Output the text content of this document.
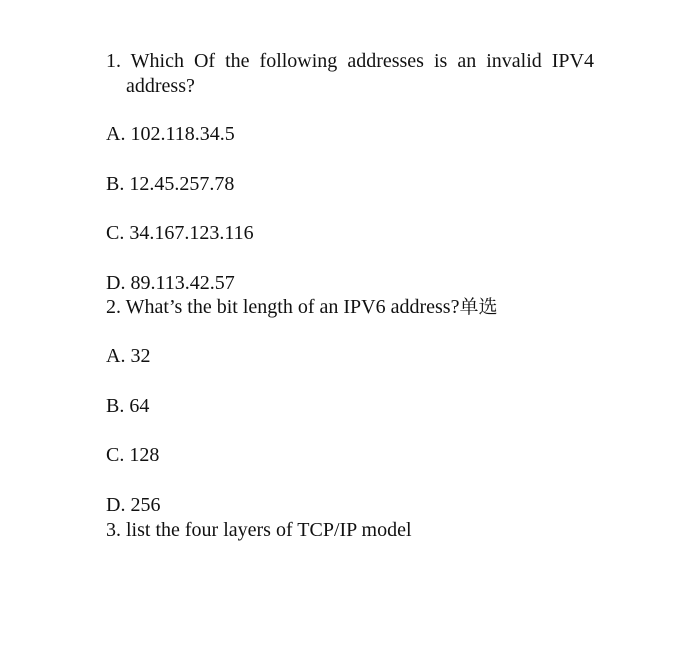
1. Which Of the following addresses is an invalid IPV4
address?

A. 102.118.34.5

B. 12.45.257.78

C. 34.167.123.116

D. 89.113.42.57

2. What’s the bit length of an IPV6 address?单选

A. 32

B. 64

C. 128

D. 256

3. list the four layers of TCP/IP model
